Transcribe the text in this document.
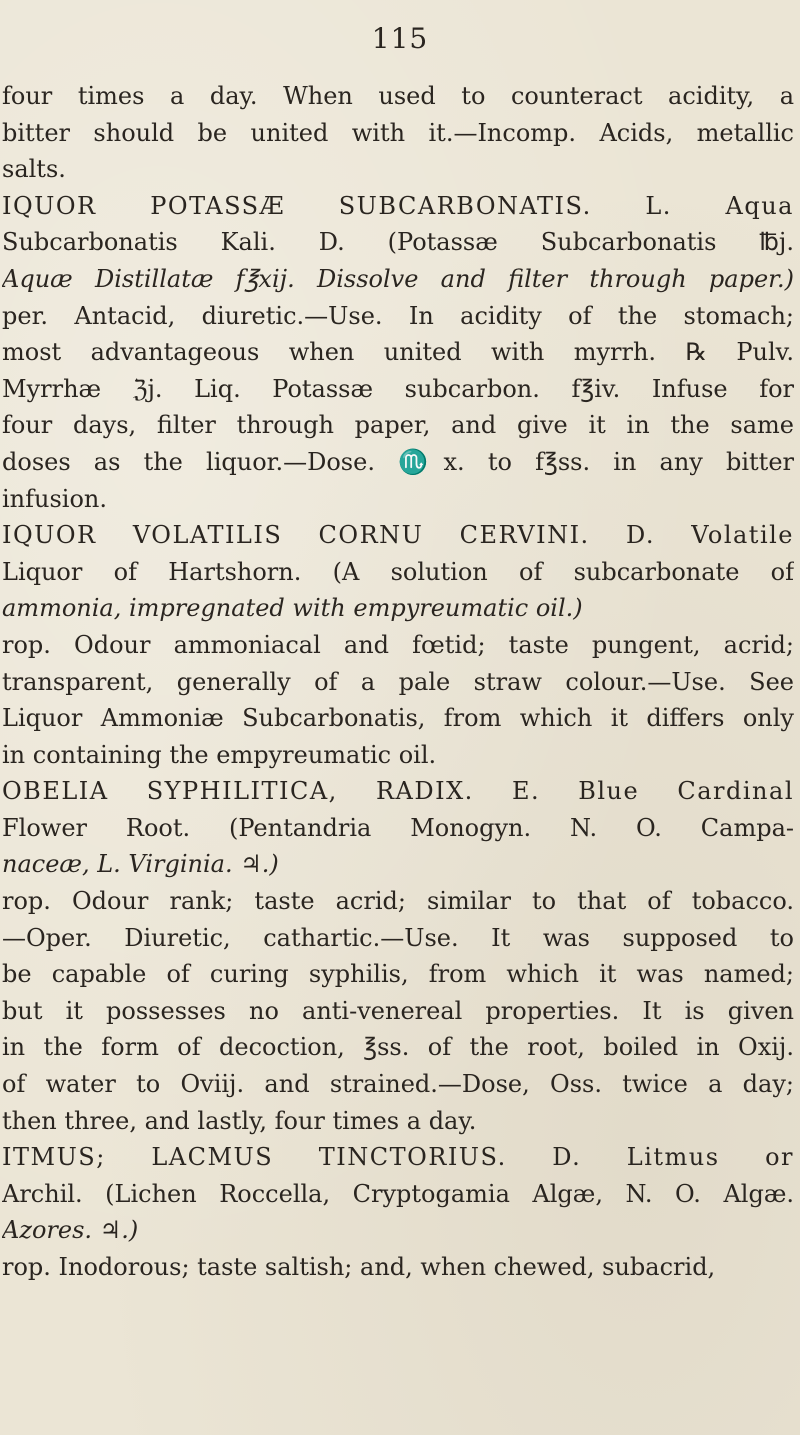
115
four times a day. When used to counteract acidity, a
bitter should be united with it.—Incomp. Acids, metallic
salts.
IQUOR POTASSÆ SUBCARBONATIS. L. Aqua
Subcarbonatis Kali. D. (Potassæ Subcarbonatis ℔j.
Aquæ Distillatæ f℥xij. Dissolve and filter through paper.)
per. Antacid, diuretic.—Use. In acidity of the stomach;
most advantageous when united with myrrh. ℞ Pulv.
Myrrhæ ℨj. Liq. Potassæ subcarbon. f℥iv. Infuse for
four days, filter through paper, and give it in the same
doses as the liquor.—Dose. ♏x. to f℥ss. in any bitter
infusion.
IQUOR VOLATILIS CORNU CERVINI. D. Volatile
Liquor of Hartshorn. (A solution of subcarbonate of
ammonia, impregnated with empyreumatic oil.)
rop. Odour ammoniacal and fœtid; taste pungent, acrid;
transparent, generally of a pale straw colour.—Use. See
Liquor Ammoniæ Subcarbonatis, from which it differs only
in containing the empyreumatic oil.
OBELIA SYPHILITICA, RADIX. E. Blue Cardinal
Flower Root. (Pentandria Monogyn. N. O. Campa-
naceæ, L. Virginia. ♃.)
rop. Odour rank; taste acrid; similar to that of tobacco.
—Oper. Diuretic, cathartic.—Use. It was supposed to
be capable of curing syphilis, from which it was named;
but it possesses no anti-venereal properties. It is given
in the form of decoction, ℥ss. of the root, boiled in Oxij.
of water to Oviij. and strained.—Dose, Oss. twice a day;
then three, and lastly, four times a day.
ITMUS; LACMUS TINCTORIUS. D. Litmus or
Archil. (Lichen Roccella, Cryptogamia Algæ, N. O. Algæ.
Azores. ♃.)
rop. Inodorous; taste saltish; and, when chewed, subacrid,
